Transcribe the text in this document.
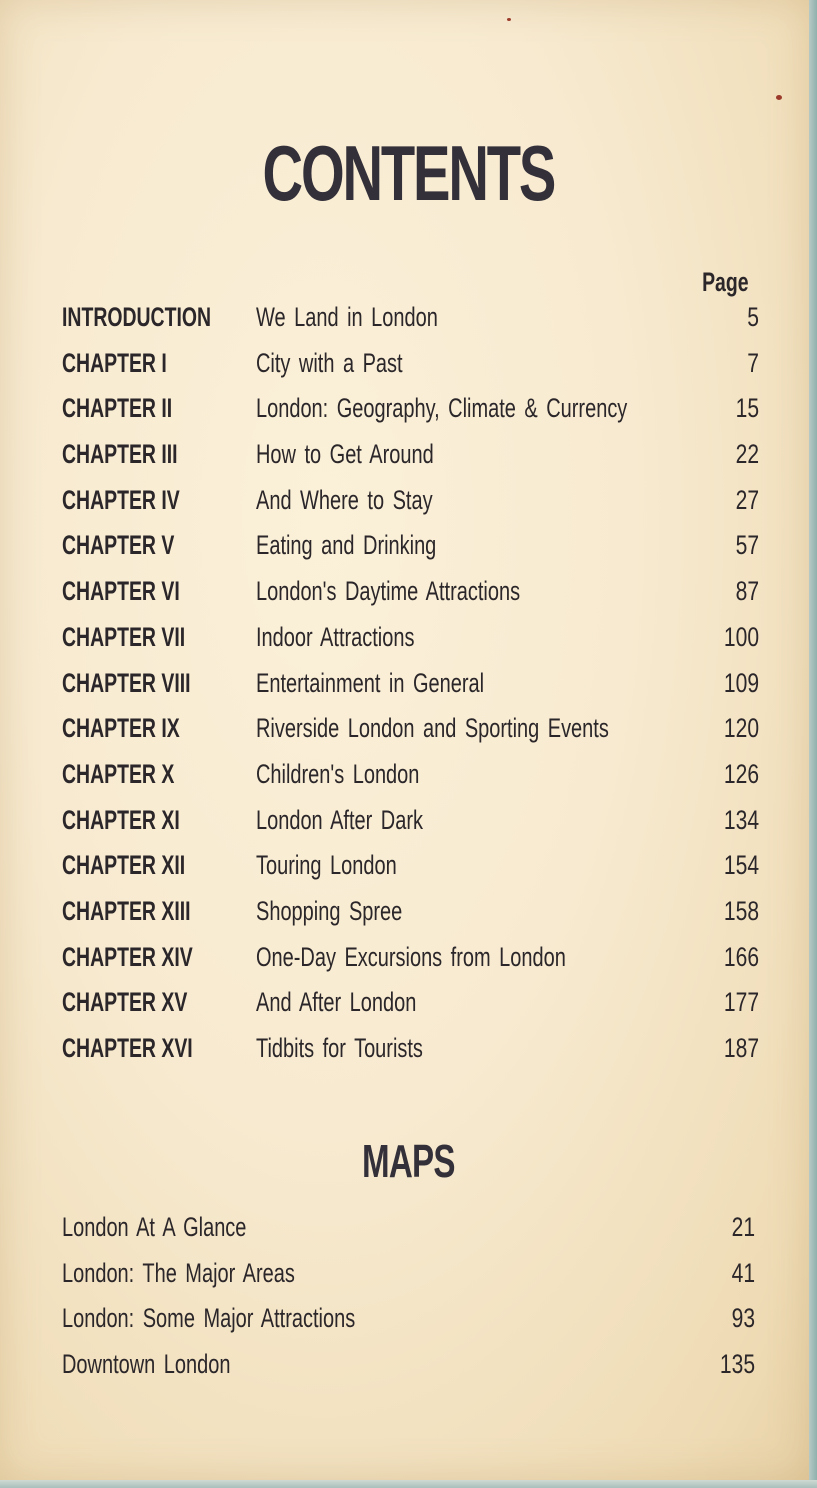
CONTENTS
Page
INTRODUCTION We Land in London	5
CHAPTER I	City with a Past	7
CHAPTER II	London: Geography, Climate & Currency	15
CHAPTER III	How to Get Around	22
CHAPTER IV	And Where to Stay	27
CHAPTER V	Eating and Drinking	57
CHAPTER VI	London's Daytime Attractions	87
CHAPTER VII	Indoor Attractions	100
CHAPTER VIII Entertainment in General	109
CHAPTER IX	Riverside London and Sporting Events	120
CHAPTER X	Children's London	126
CHAPTER XI	London After Dark	134
CHAPTER XII	Touring London	154
CHAPTER XIII Shopping Spree	158
CHAPTER XIV One-Day Excursions from London	166
CHAPTER XV	And After London	177
CHAPTER XVI Tidbits for Tourists	187
MAPS
London At A Glance	21
London: The Major Areas	41
London: Some Major Attractions	93
Downtown London	135
